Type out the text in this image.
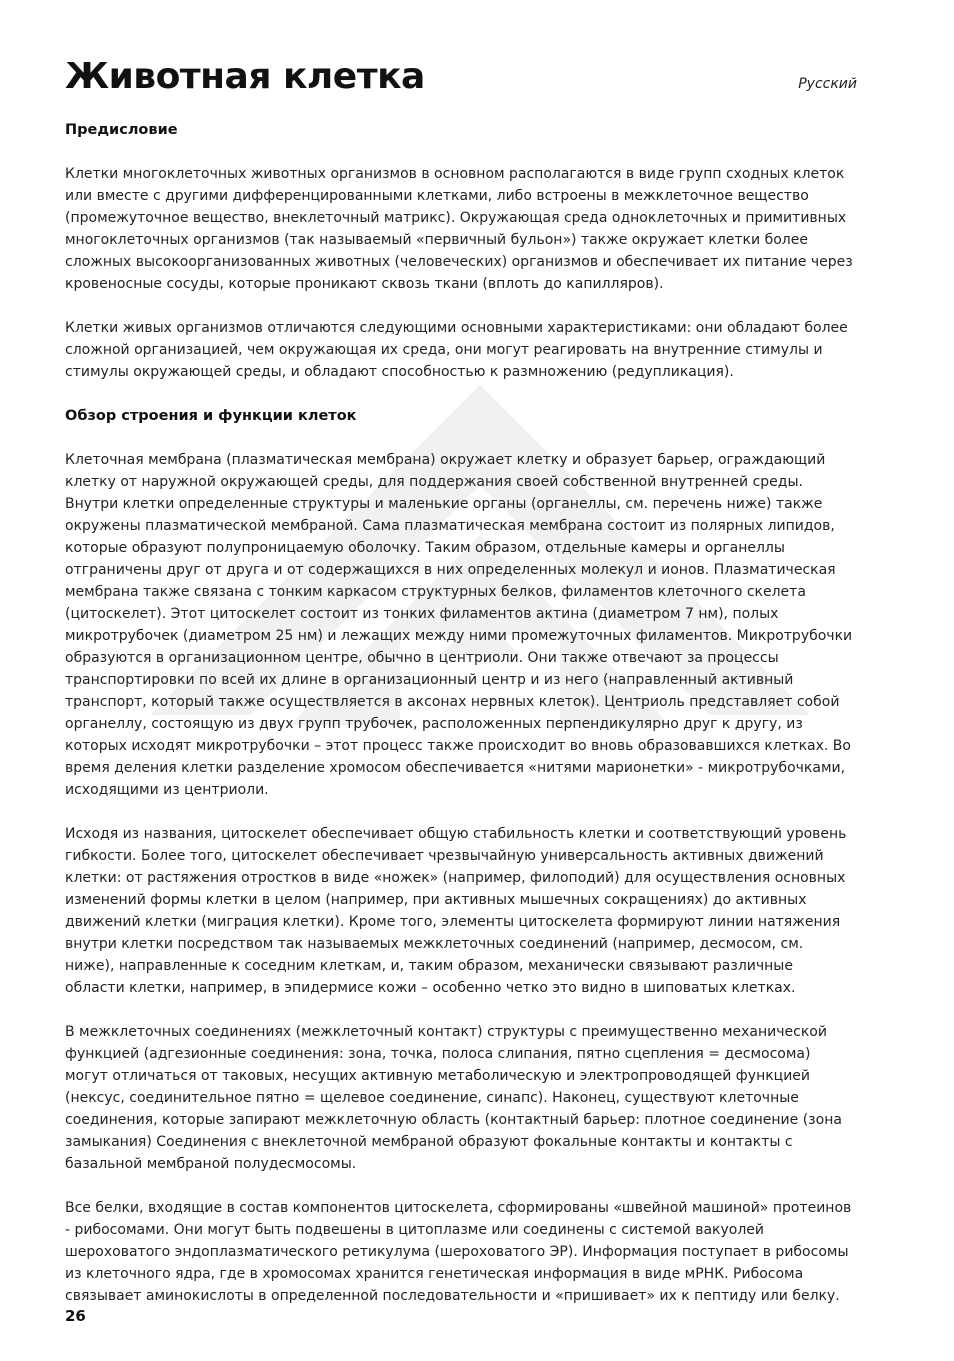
Животная клетка	Русский

Предисловие

Клетки многоклеточных животных организмов в основном располагаются в виде групп сходных клеток или вместе с другими дифференцированными клетками, либо встроены в межклеточное вещество (промежуточное вещество, внеклеточный матрикс). Окружающая среда одноклеточных и примитивных многоклеточных организмов (так называемый «первичный бульон») также окружает клетки более сложных высокоорганизованных животных (человеческих) организмов и обеспечивает их питание через кровеносные сосуды, которые проникают сквозь ткани (вплоть до капилляров).

Клетки живых организмов отличаются следующими основными характеристиками: они обладают более сложной организацией, чем окружающая их среда, они могут реагировать на внутренние стимулы и стимулы окружающей среды, и обладают способностью к размножению (редупликация).

Обзор строения и функции клеток

Клеточная мембрана (плазматическая мембрана) окружает клетку и образует барьер, ограждающий клетку от наружной окружающей среды, для поддержания своей собственной внутренней среды. Внутри клетки определенные структуры и маленькие органы (органеллы, см. перечень ниже) также окружены плазматической мембраной. Сама плазматическая мембрана состоит из полярных липидов, которые образуют полупроницаемую оболочку. Таким образом, отдельные камеры и органеллы отграничены друг от друга и от содержащихся в них определенных молекул и ионов. Плазматическая мембрана также связана с тонким каркасом структурных белков, филаментов клеточного скелета (цитоскелет). Этот цитоскелет состоит из тонких филаментов актина (диаметром 7 нм), полых микротрубочек (диаметром 25 нм) и лежащих между ними промежуточных филаментов. Микротрубочки образуются в организационном центре, обычно в центриоли. Они также отвечают за процессы транспортировки по всей их длине в организационный центр и из него (направленный активный транспорт, который также осуществляется в аксонах нервных клеток). Центриоль представляет собой органеллу, состоящую из двух групп трубочек, расположенных перпендикулярно друг к другу, из которых исходят микротрубочки – этот процесс также происходит во вновь образовавшихся клетках. Во время деления клетки разделение хромосом обеспечивается «нитями марионетки» - микротрубочками, исходящими из центриоли.

Исходя из названия, цитоскелет обеспечивает общую стабильность клетки и соответствующий уровень гибкости. Более того, цитоскелет обеспечивает чрезвычайную универсальность активных движений клетки: от растяжения отростков в виде «ножек» (например, филоподий) для осуществления основных изменений формы клетки в целом (например, при активных мышечных сокращениях) до активных движений клетки (миграция клетки). Кроме того, элементы цитоскелета формируют линии натяжения внутри клетки посредством так называемых межклеточных соединений (например, десмосом, см. ниже), направленные к соседним клеткам, и, таким образом, механически связывают различные области клетки, например, в эпидермисе кожи – особенно четко это видно в шиповатых клетках.

В межклеточных соединениях (межклеточный контакт) структуры с преимущественно механической функцией (адгезионные соединения: зона, точка, полоса слипания, пятно сцепления = десмосома) могут отличаться от таковых, несущих активную метаболическую и электропроводящей функцией (нексус, соединительное пятно = щелевое соединение, синапс). Наконец, существуют клеточные соединения, которые запирают межклеточную область (контактный барьер: плотное соединение (зона замыкания) Соединения с внеклеточной мембраной образуют фокальные контакты и контакты с базальной мембраной полудесмосомы.

Все белки, входящие в состав компонентов цитоскелета, сформированы «швейной машиной» протеинов - рибосомами. Они могут быть подвешены в цитоплазме или соединены с системой вакуолей шероховатого эндоплазматического ретикулума (шероховатого ЭР). Информация поступает в рибосомы из клеточного ядра, где в хромосомах хранится генетическая информация в виде мРНК. Рибосома связывает аминокислоты в определенной последовательности и «пришивает» их к пептиду или белку.

26
